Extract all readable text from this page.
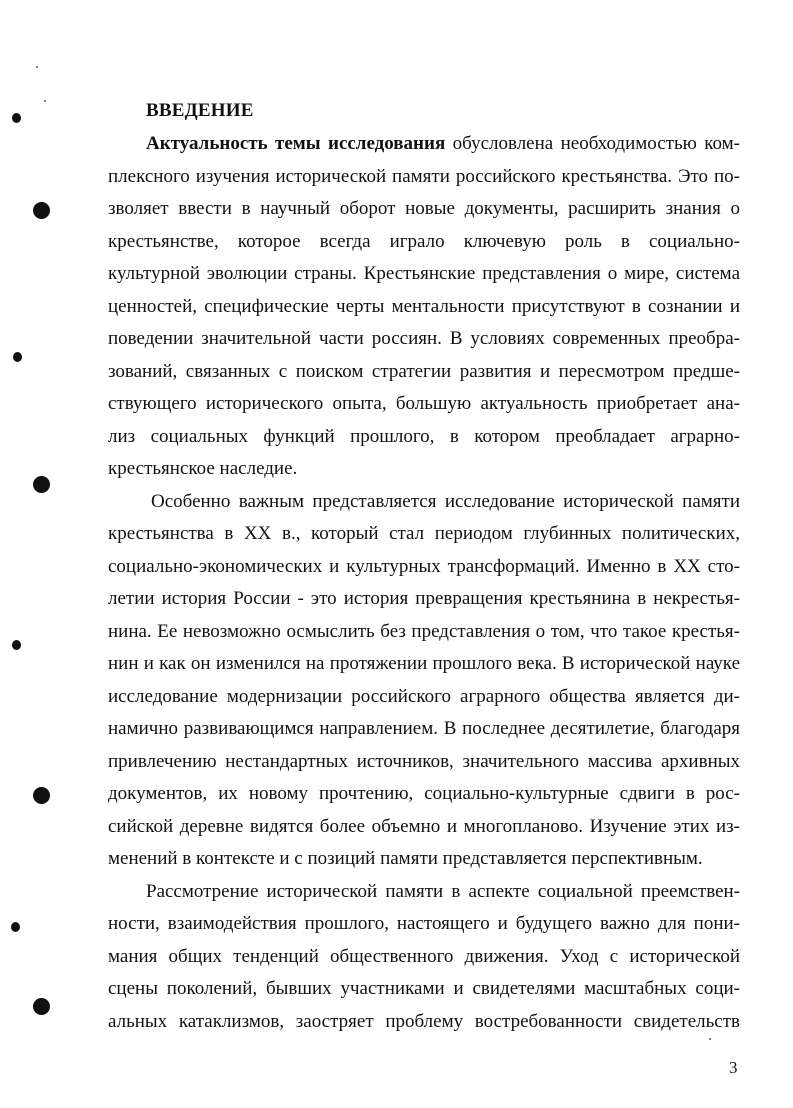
ВВЕДЕНИЕ
Актуальность темы исследования обусловлена необходимостью ком-
плексного изучения исторической памяти российского крестьянства. Это по-
зволяет ввести в научный оборот новые документы, расширить знания о
крестьянстве, которое всегда играло ключевую роль в социально-
культурной эволюции страны. Крестьянские представления о мире, система
ценностей, специфические черты ментальности присутствуют в сознании и
поведении значительной части россиян. В условиях современных преобра-
зований, связанных с поиском стратегии развития и пересмотром предше-
ствующего исторического опыта, большую актуальность приобретает ана-
лиз социальных функций прошлого, в котором преобладает аграрно-
крестьянское наследие.
Особенно важным представляется исследование исторической памяти
крестьянства в XX в., который стал периодом глубинных политических,
социально-экономических и культурных трансформаций. Именно в XX сто-
летии история России - это история превращения крестьянина в некрестья-
нина. Ее невозможно осмыслить без представления о том, что такое крестья-
нин и как он изменился на протяжении прошлого века. В исторической науке
исследование модернизации российского аграрного общества является ди-
намично развивающимся направлением. В последнее десятилетие, благодаря
привлечению нестандартных источников, значительного массива архивных
документов, их новому прочтению, социально-культурные сдвиги в рос-
сийской деревне видятся более объемно и многопланово. Изучение этих из-
менений в контексте и с позиций памяти представляется перспективным.
Рассмотрение исторической памяти в аспекте социальной преемствен-
ности, взаимодействия прошлого, настоящего и будущего важно для пони-
мания общих тенденций общественного движения. Уход с исторической
сцены поколений, бывших участниками и свидетелями масштабных соци-
альных катаклизмов, заостряет проблему востребованности свидетельств
3
